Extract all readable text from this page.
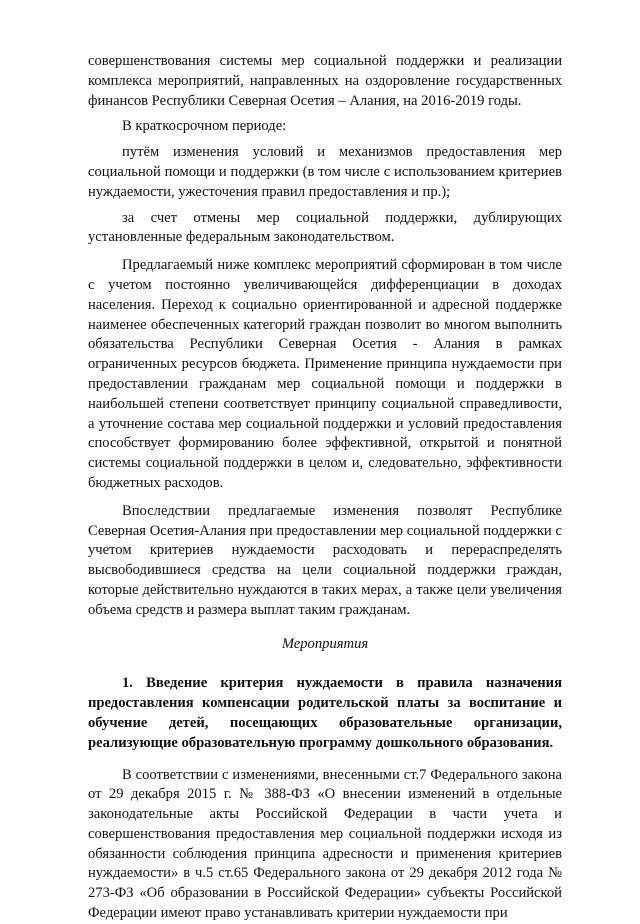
совершенствования системы мер социальной поддержки и реализации комплекса мероприятий, направленных на оздоровление государственных финансов Республики Северная Осетия – Алания, на 2016-2019 годы.

В краткосрочном периоде:

путём изменения условий и механизмов предоставления мер социальной помощи и поддержки (в том числе с использованием критериев нуждаемости, ужесточения правил предоставления и пр.);

за счет отмены мер социальной поддержки, дублирующих установленные федеральным законодательством.

Предлагаемый ниже комплекс мероприятий сформирован в том числе с учетом постоянно увеличивающейся дифференциации в доходах населения. Переход к социально ориентированной и адресной поддержке наименее обеспеченных категорий граждан позволит во многом выполнить обязательства Республики Северная Осетия - Алания в рамках ограниченных ресурсов бюджета. Применение принципа нуждаемости при предоставлении гражданам мер социальной помощи и поддержки в наибольшей степени соответствует принципу социальной справедливости, а уточнение состава мер социальной поддержки и условий предоставления способствует формированию более эффективной, открытой и понятной системы социальной поддержки в целом и, следовательно, эффективности бюджетных расходов.

Впоследствии предлагаемые изменения позволят Республике Северная Осетия-Алания при предоставлении мер социальной поддержки с учетом критериев нуждаемости расходовать и перераспределять высвободившиеся средства на цели социальной поддержки граждан, которые действительно нуждаются в таких мерах, а также цели увеличения объема средств и размера выплат таким гражданам.

Мероприятия

1. Введение критерия нуждаемости в правила назначения предоставления компенсации родительской платы за воспитание и обучение детей, посещающих образовательные организации, реализующие образовательную программу дошкольного образования.

В соответствии с изменениями, внесенными ст.7 Федерального закона от 29 декабря 2015 г. № 388-ФЗ «О внесении изменений в отдельные законодательные акты Российской Федерации в части учета и совершенствования предоставления мер социальной поддержки исходя из обязанности соблюдения принципа адресности и применения критериев нуждаемости» в ч.5 ст.65 Федерального закона от 29 декабря 2012 года № 273-ФЗ «Об образовании в Российской Федерации» субъекты Российской Федерации имеют право устанавливать критерии нуждаемости при
